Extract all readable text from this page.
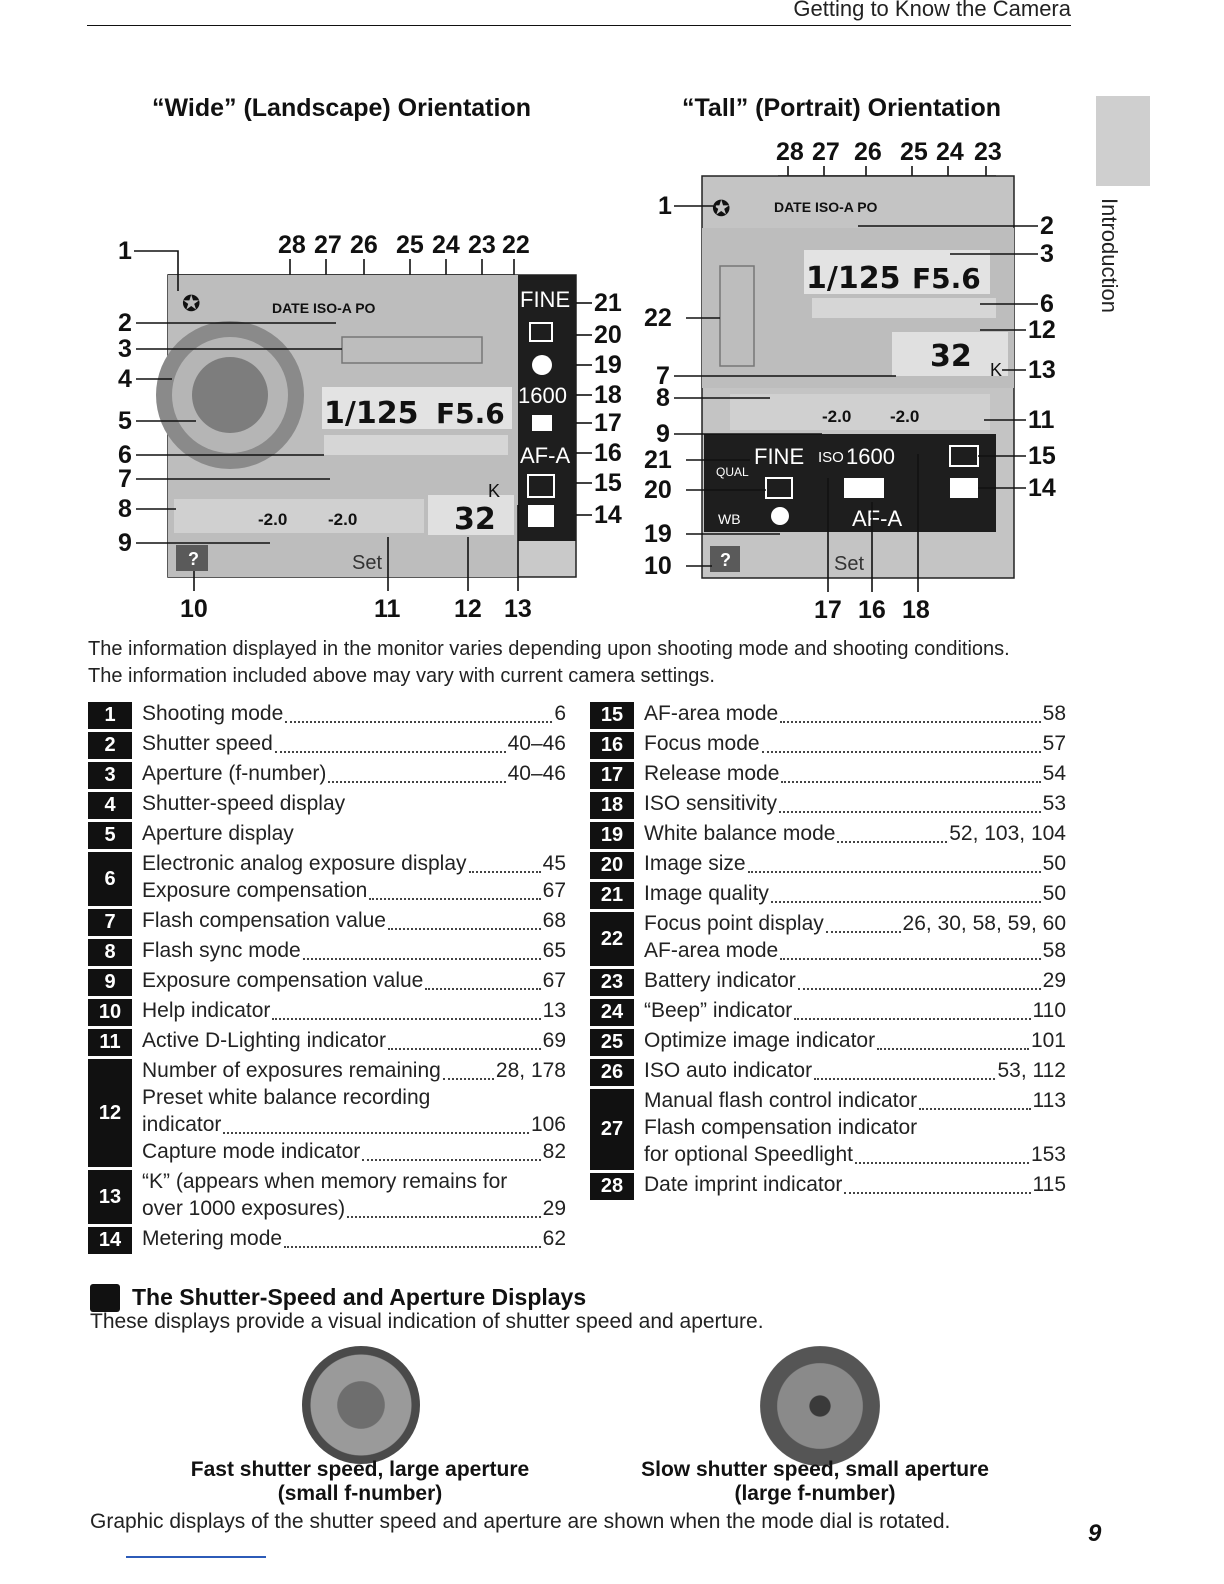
Getting to Know the Camera
Introduction
“Wide” (Landscape) Orientation	“Tall” (Portrait) Orientation
28 27 26 25 24 23 22
✪	DATE ISO-A PO
1/125 F5.6
-2.0 -2.0	32
K
?	Set
FINE
1600
AF-A
1
2
3
4
5
6
7
8
9
21
20
19
18
17
16
15
14
10	11 12 13
28 27 26 25 24 23
✪	DATE ISO-A PO
1/125 F5.6
32 K
-2.0 -2.0
QUAL
FINE ISO 1600
WB	AF-A
?	Set
1
2
3
6
12
13
11
15
14
22
7
8
9
21
20
19
10
17 16 18
The information displayed in the monitor varies depending upon shooting mode and shooting conditions. The information included above may vary with current camera settings.
1	Shooting mode	6
2	Shutter speed	40–46
3	Aperture (f-number)	40–46
4	Shutter-speed display
5	Aperture display
6
Electronic analog exposure display	45
Exposure compensation	67
7	Flash compensation value	68
8	Flash sync mode	65
9	Exposure compensation value	67
10 Help indicator	13
11	Active D-Lighting indicator	69
12
Number of exposures remaining	28, 178
Preset white balance recording
indicator	106
Capture mode indicator	82
13
“K” (appears when memory remains for
over 1000 exposures)	29
14 Metering mode	62
15 AF-area mode	58
16 Focus mode	57
17 Release mode	54
18 ISO sensitivity	53
19 White balance mode	52, 103, 104
20 Image size	50
21 Image quality	50
22
Focus point display	26, 30, 58, 59, 60
AF-area mode	58
23 Battery indicator	29
24 “Beep” indicator	110
25 Optimize image indicator	101
26 ISO auto indicator	53, 112
27
Manual flash control indicator	113
Flash compensation indicator
for optional Speedlight	153
28 Date imprint indicator	115
The Shutter-Speed and Aperture Displays
These displays provide a visual indication of shutter speed and aperture.
Fast shutter speed, large aperture
(small f-number)
Slow shutter speed, small aperture
(large f-number)
Graphic displays of the shutter speed and aperture are shown when the mode dial is rotated.	9
